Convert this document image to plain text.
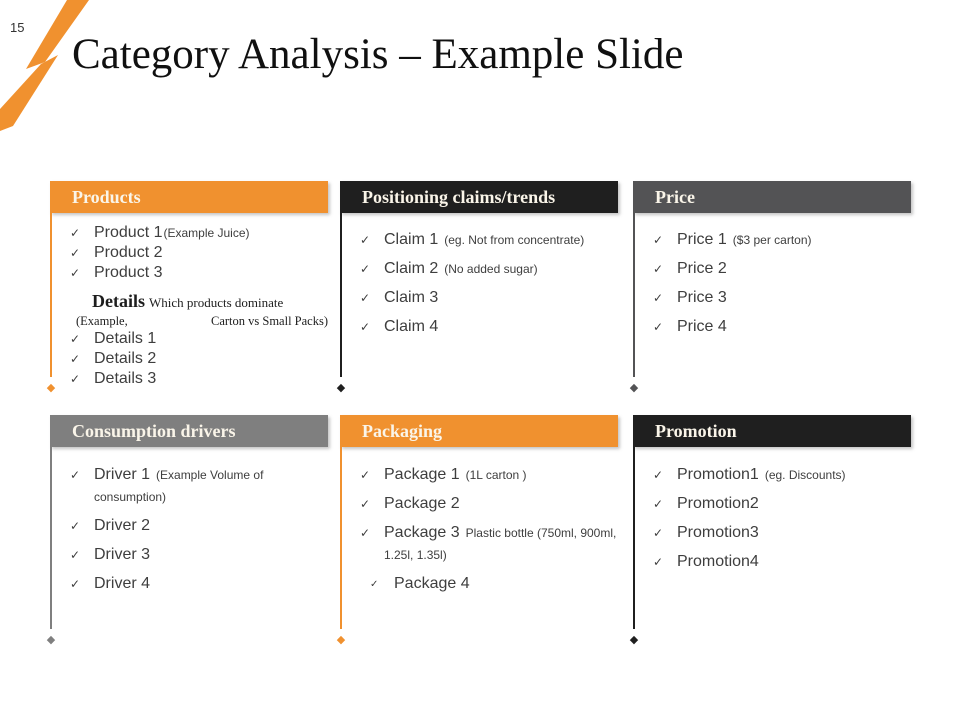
15
Category Analysis – Example Slide
Products
◆
✓ Product 1(Example Juice)
✓ Product 2
✓ Product 3
Details Which products dominate
(Example,	Carton vs Small Packs)
✓ Details 1
✓ Details 2
✓ Details 3
Positioning claims/trends
◆
✓ Claim 1 (eg. Not from concentrate)
✓ Claim 2 (No added sugar)
✓ Claim 3
✓ Claim 4
Price
◆
✓ Price 1 ($3 per carton)
✓ Price 2
✓ Price 3
✓ Price 4
Consumption drivers
◆
✓ Driver 1 (Example Volume of consumption)
✓ Driver 2
✓ Driver 3
✓ Driver 4
Packaging
◆
✓ Package 1 (1L carton )
✓ Package 2
✓ Package 3 Plastic bottle (750ml, 900ml, 1.25l, 1.35l)
✓ Package 4
Promotion
◆
✓ Promotion1 (eg. Discounts)
✓ Promotion2
✓ Promotion3
✓ Promotion4
